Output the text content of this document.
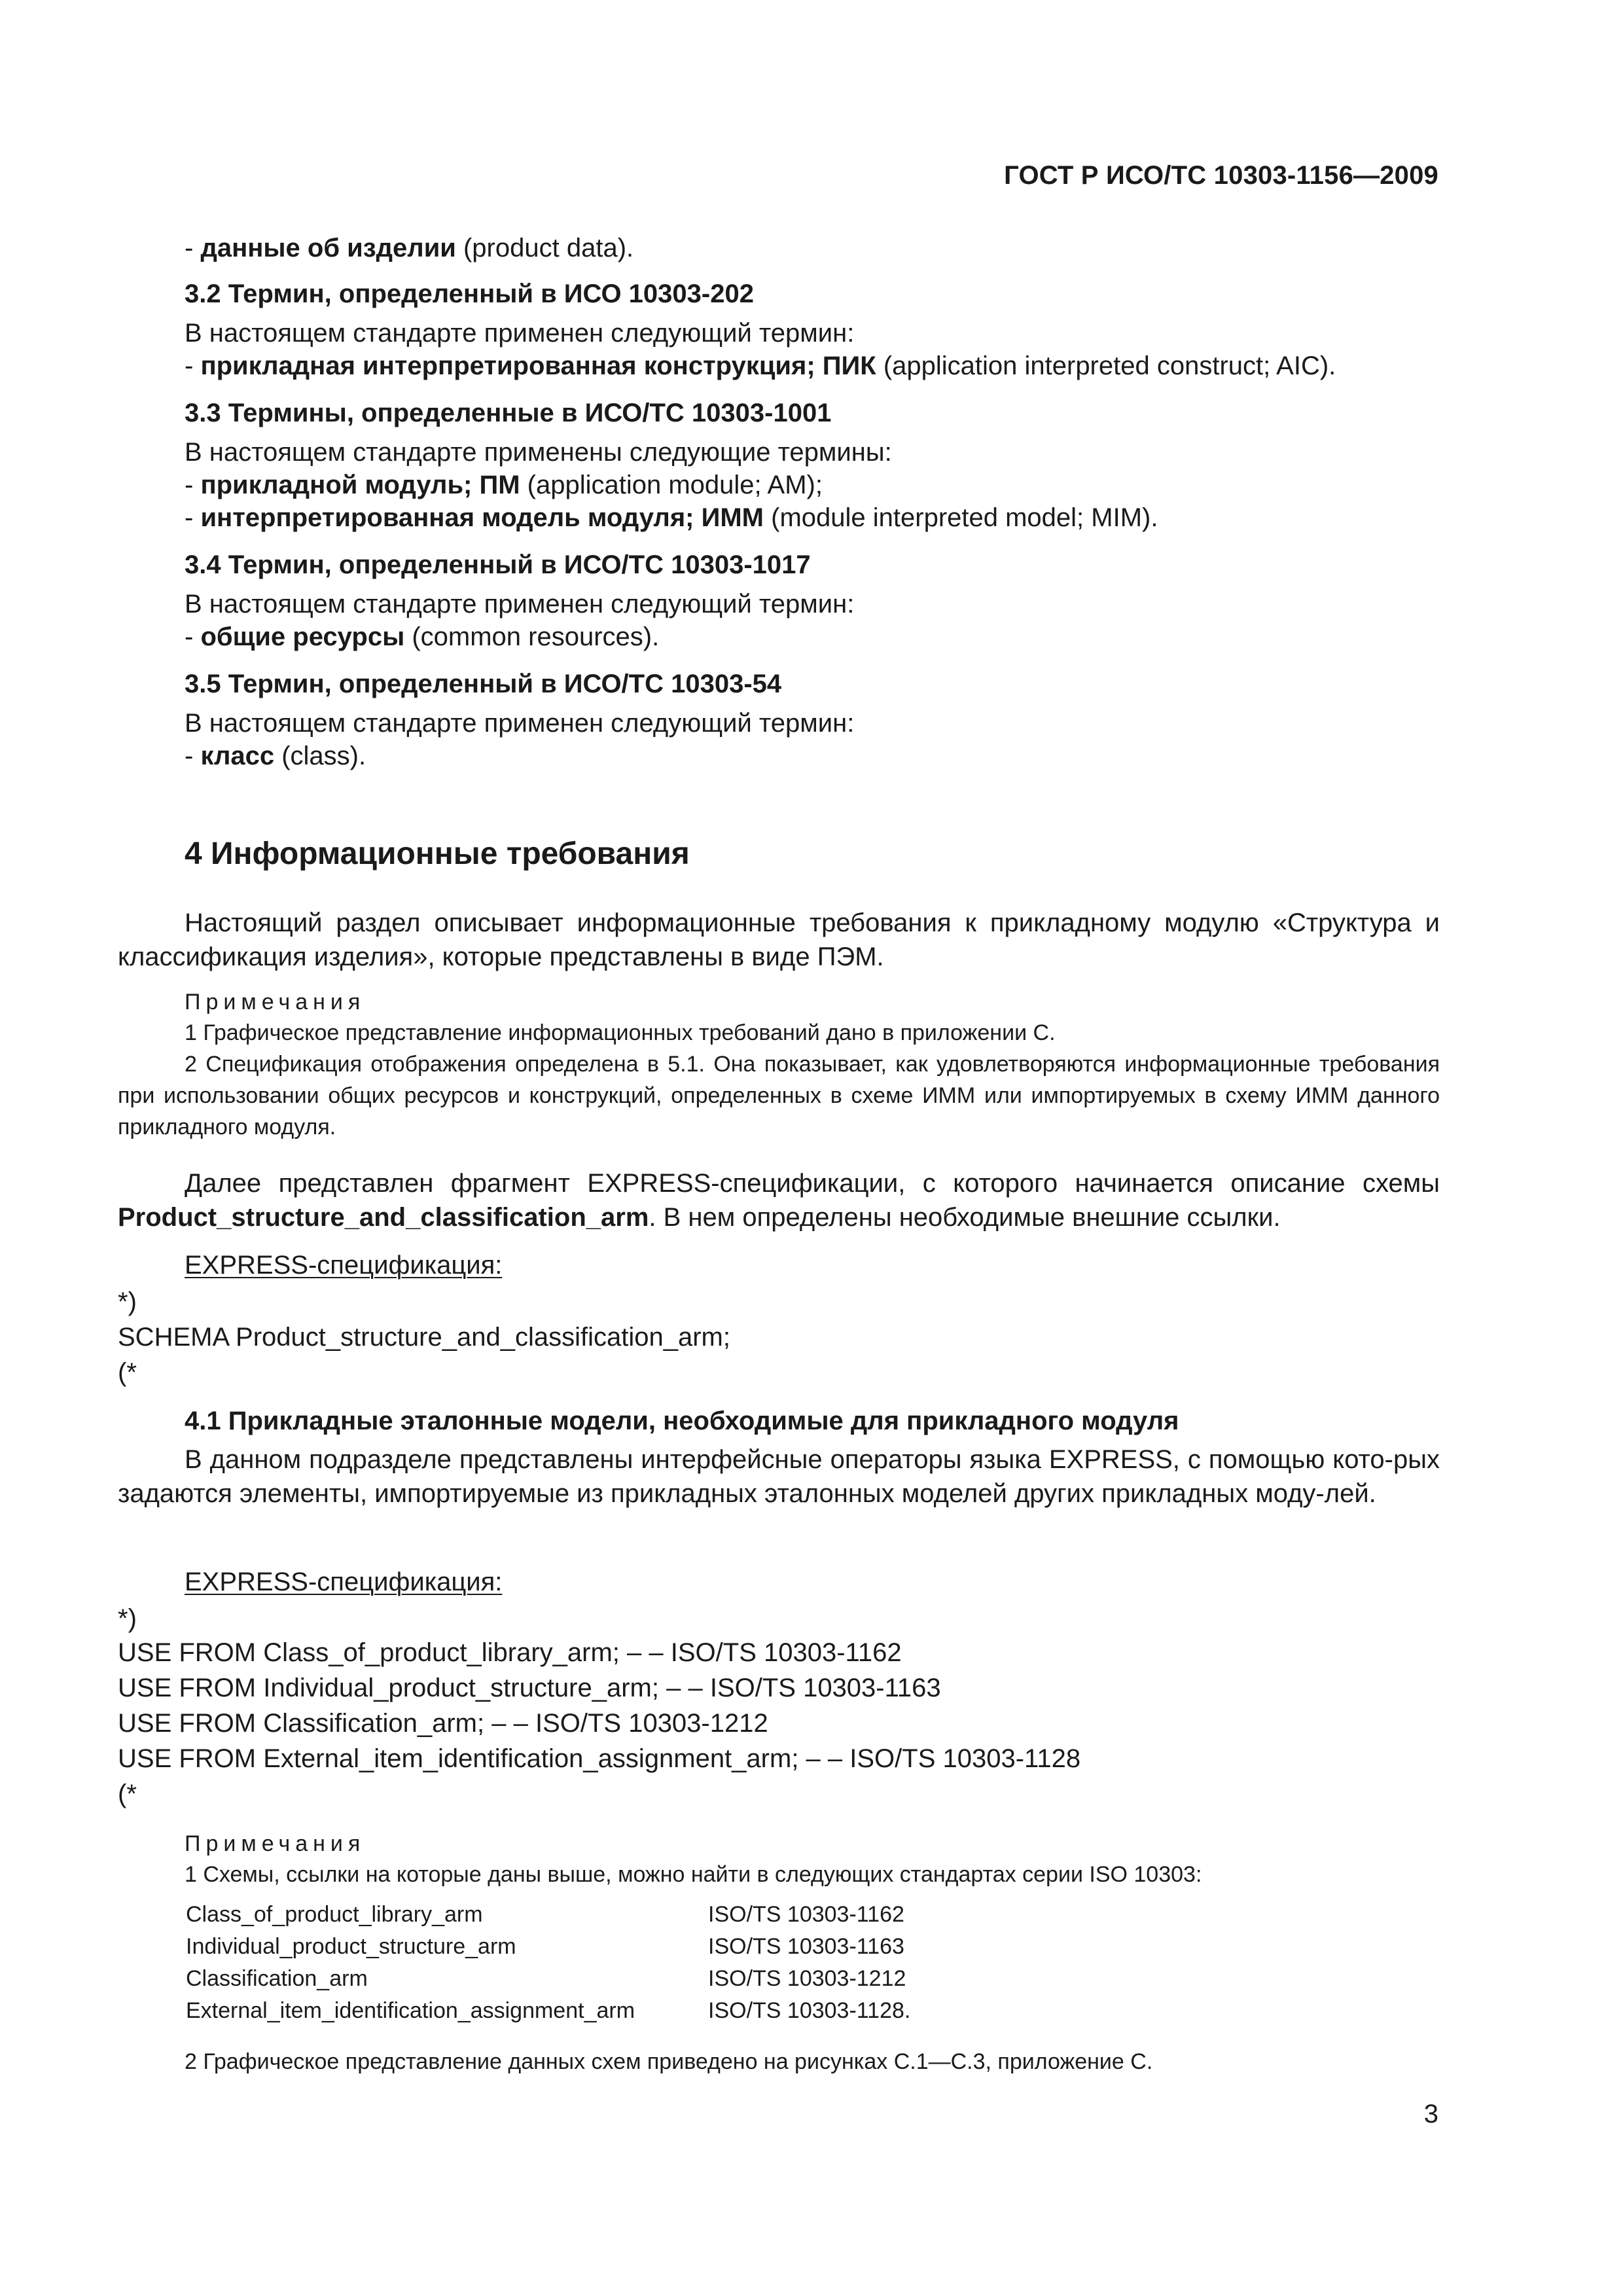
ГОСТ Р ИСО/ТС 10303-1156—2009
- данные об изделии (product data).
3.2 Термин, определенный в ИСО 10303-202
В настоящем стандарте применен следующий термин:
- прикладная интерпретированная конструкция; ПИК (application interpreted construct; AIC).
3.3 Термины, определенные в ИСО/ТС 10303-1001
В настоящем стандарте применены следующие термины:
- прикладной модуль; ПМ (application module; AM);
- интерпретированная модель модуля; ИММ (module interpreted model; MIM).
3.4 Термин, определенный в ИСО/ТС 10303-1017
В настоящем стандарте применен следующий термин:
- общие ресурсы (common resources).
3.5 Термин, определенный в ИСО/ТС 10303-54
В настоящем стандарте применен следующий термин:
- класс (class).
4 Информационные требования
Настоящий раздел описывает информационные требования к прикладному модулю «Структура и классификация изделия», которые представлены в виде ПЭМ.
Примечания
1 Графическое представление информационных требований дано в приложении С.
2 Спецификация отображения определена в 5.1. Она показывает, как удовлетворяются информационные требования при использовании общих ресурсов и конструкций, определенных в схеме ИММ или импортируемых в схему ИММ данного прикладного модуля.
Далее представлен фрагмент EXPRESS-спецификации, с которого начинается описание схемы Product_structure_and_classification_arm. В нем определены необходимые внешние ссылки.
EXPRESS-спецификация:
*)
SCHEMA Product_structure_and_classification_arm;
(*
4.1 Прикладные эталонные модели, необходимые для прикладного модуля
В данном подразделе представлены интерфейсные операторы языка EXPRESS, с помощью кото-рых задаются элементы, импортируемые из прикладных эталонных моделей других прикладных моду-лей.
EXPRESS-спецификация:
*)
USE FROM Class_of_product_library_arm; – – ISO/TS 10303-1162
USE FROM Individual_product_structure_arm; – – ISO/TS 10303-1163
USE FROM Classification_arm; – – ISO/TS 10303-1212
USE FROM External_item_identification_assignment_arm; – – ISO/TS 10303-1128
(*
Примечания
1 Схемы, ссылки на которые даны выше, можно найти в следующих стандартах серии ISO 10303:
Class_of_product_library_arm	ISO/TS 10303-1162
Individual_product_structure_arm	ISO/TS 10303-1163
Classification_arm	ISO/TS 10303-1212
External_item_identification_assignment_arm	ISO/TS 10303-1128.
2 Графическое представление данных схем приведено на рисунках С.1—С.3, приложение С.
3
